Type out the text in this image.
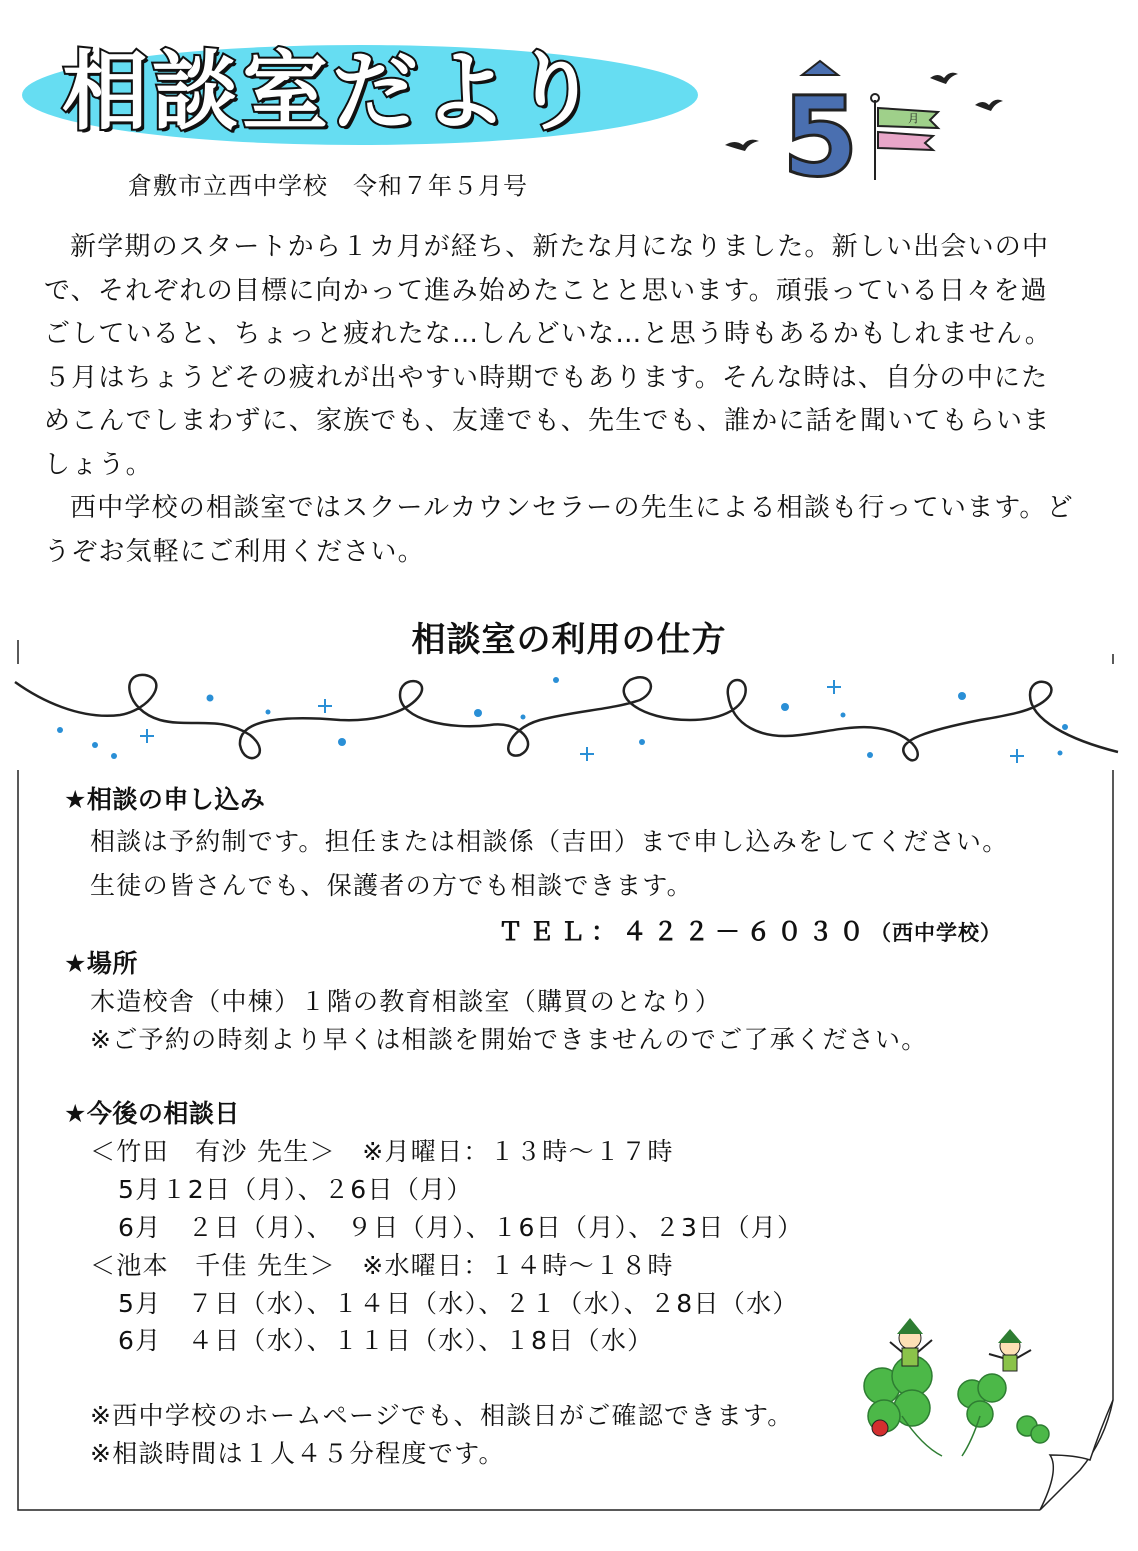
相談室だより 5	月
倉敷市立西中学校　令和７年５月号

新学期のスタートから１カ月が経ち、新たな月になりました。新しい出会いの中で、それぞれの目標に向かって進み始めたことと思います。頑張っている日々を過ごしていると、ちょっと疲れたな…しんどいな…と思う時もあるかもしれません。５月はちょうどその疲れが出やすい時期でもあります。そんな時は、自分の中にためこんでしまわずに、家族でも、友達でも、先生でも、誰かに話を聞いてもらいましょう。

西中学校の相談室ではスクールカウンセラーの先生による相談も行っています。どうぞお気軽にご利用ください。

相談室の利用の仕方
★相談の申し込み
相談は予約制です。担任または相談係（吉田）まで申し込みをしてください。
生徒の皆さんでも、保護者の方でも相談できます。
ＴＥＬ：４２２－６０３０（西中学校）
★場所
木造校舎（中棟）１階の教育相談室（購買のとなり）
※ご予約の時刻より早くは相談を開始できませんのでご了承ください。
★今後の相談日
＜竹田　有沙 先生＞　※月曜日：１３時～１７時
5月１2日（月）、２6日（月）
6月　２日（月）、　９日（月）、１6日（月）、２3日（月）
＜池本　千佳 先生＞　※水曜日：１４時～１８時
5月　７日（水）、１４日（水）、２１（水）、２8日（水）
6月　４日（水）、１１日（水）、１8日（水）
※西中学校のホームページでも、相談日がご確認できます。
※相談時間は１人４５分程度です。
